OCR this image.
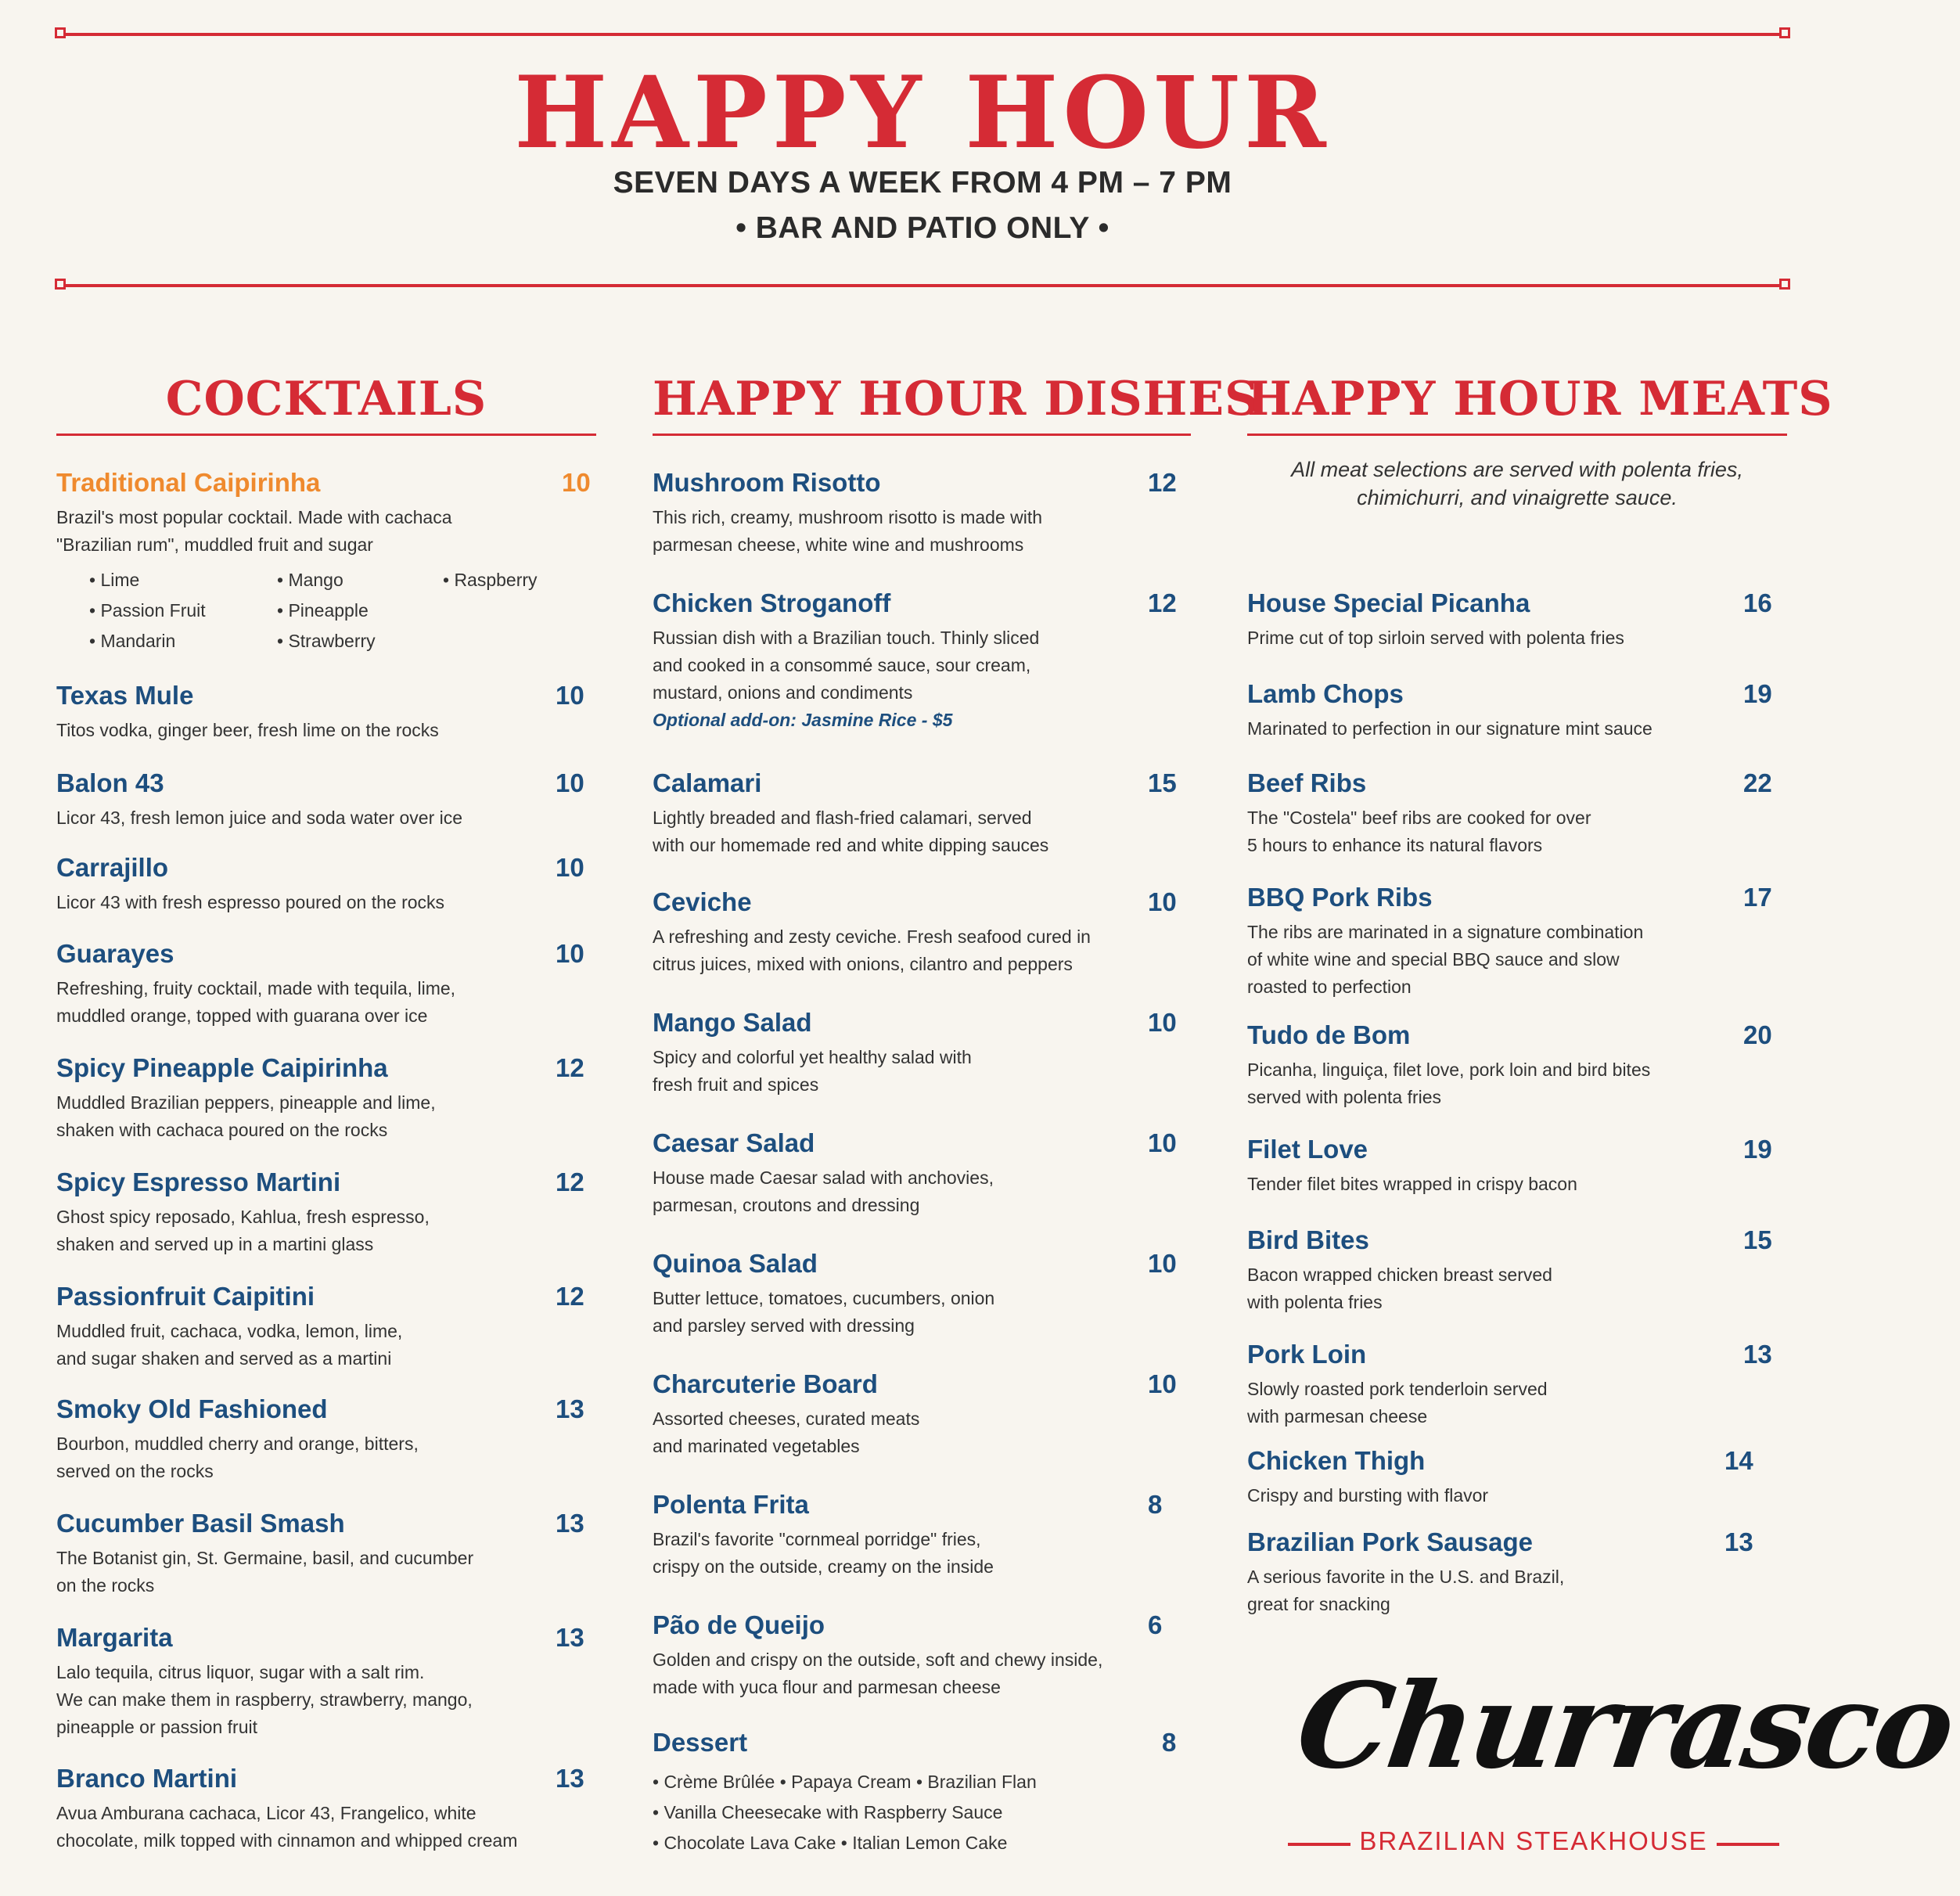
HAPPY HOUR
SEVEN DAYS A WEEK FROM 4 PM – 7 PM
• BAR AND PATIO ONLY •
COCKTAILS
Traditional Caipirinha	10
Brazil's most popular cocktail. Made with cachaca
"Brazilian rum", muddled fruit and sugar
• Lime
• Passion Fruit
• Mandarin
• Mango
• Pineapple
• Strawberry
• Raspberry
Texas Mule	10
Titos vodka, ginger beer, fresh lime on the rocks
Balon 43	10
Licor 43, fresh lemon juice and soda water over ice
Carrajillo	10
Licor 43 with fresh espresso poured on the rocks
Guarayes	10
Refreshing, fruity cocktail, made with tequila, lime,
muddled orange, topped with guarana over ice
Spicy Pineapple Caipirinha	12
Muddled Brazilian peppers, pineapple and lime,
shaken with cachaca poured on the rocks
Spicy Espresso Martini	12
Ghost spicy reposado, Kahlua, fresh espresso,
shaken and served up in a martini glass
Passionfruit Caipitini	12
Muddled fruit, cachaca, vodka, lemon, lime,
and sugar shaken and served as a martini
Smoky Old Fashioned	13
Bourbon, muddled cherry and orange, bitters,
served on the rocks
Cucumber Basil Smash	13
The Botanist gin, St. Germaine, basil, and cucumber
on the rocks
Margarita	13
Lalo tequila, citrus liquor, sugar with a salt rim.
We can make them in raspberry, strawberry, mango,
pineapple or passion fruit
Branco Martini	13
Avua Amburana cachaca, Licor 43, Frangelico, white
chocolate, milk topped with cinnamon and whipped cream
HAPPY HOUR DISHES
Mushroom Risotto	12
This rich, creamy, mushroom risotto is made with
parmesan cheese, white wine and mushrooms
Chicken Stroganoff	12
Russian dish with a Brazilian touch. Thinly sliced
and cooked in a consommé sauce, sour cream,
mustard, onions and condiments
Optional add-on: Jasmine Rice - $5
Calamari	15
Lightly breaded and flash-fried calamari, served
with our homemade red and white dipping sauces
Ceviche	10
A refreshing and zesty ceviche. Fresh seafood cured in
citrus juices, mixed with onions, cilantro and peppers
Mango Salad	10
Spicy and colorful yet healthy salad with
fresh fruit and spices
Caesar Salad	10
House made Caesar salad with anchovies,
parmesan, croutons and dressing
Quinoa Salad	10
Butter lettuce, tomatoes, cucumbers, onion
and parsley served with dressing
Charcuterie Board	10
Assorted cheeses, curated meats
and marinated vegetables
Polenta Frita	8
Brazil's favorite "cornmeal porridge" fries,
crispy on the outside, creamy on the inside
Pão de Queijo	6
Golden and crispy on the outside, soft and chewy inside,
made with yuca flour and parmesan cheese
Dessert	8
• Crème Brûlée • Papaya Cream • Brazilian Flan
• Vanilla Cheesecake with Raspberry Sauce
• Chocolate Lava Cake • Italian Lemon Cake
HAPPY HOUR MEATS
All meat selections are served with polenta fries,
chimichurri, and vinaigrette sauce.
House Special Picanha	16
Prime cut of top sirloin served with polenta fries
Lamb Chops	19
Marinated to perfection in our signature mint sauce
Beef Ribs	22
The "Costela" beef ribs are cooked for over
5 hours to enhance its natural flavors
BBQ Pork Ribs	17
The ribs are marinated in a signature combination
of white wine and special BBQ sauce and slow
roasted to perfection
Tudo de Bom	20
Picanha, linguiça, filet love, pork loin and bird bites
served with polenta fries
Filet Love	19
Tender filet bites wrapped in crispy bacon
Bird Bites	15
Bacon wrapped chicken breast served
with polenta fries
Pork Loin	13
Slowly roasted pork tenderloin served
with parmesan cheese
Chicken Thigh	14
Crispy and bursting with flavor
Brazilian Pork Sausage	13
A serious favorite in the U.S. and Brazil,
great for snacking
Churrasco
BRAZILIAN STEAKHOUSE
